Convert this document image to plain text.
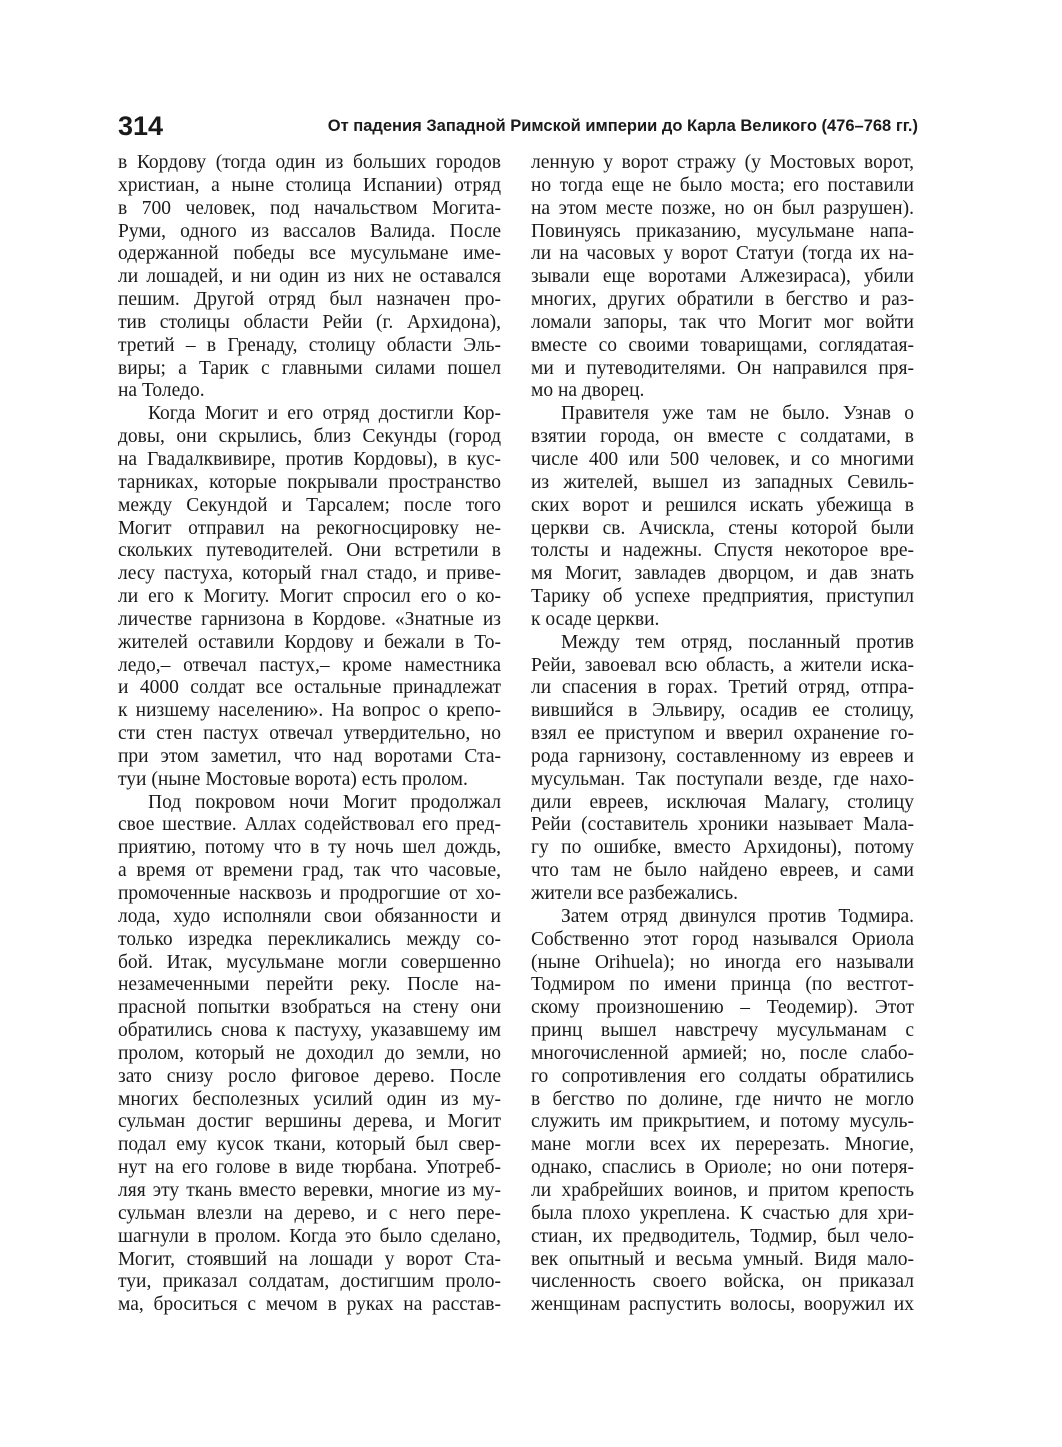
314	От падения Западной Римской империи до Карла Великого (476–768 гг.)
в Кордову (тогда один из больших городов
христиан, а ныне столица Испании) отряд
в 700 человек, под начальством Могита-
Руми, одного из вассалов Валида. После
одержанной победы все мусульмане име-
ли лошадей, и ни один из них не оставался
пешим. Другой отряд был назначен про-
тив столицы области Рейи (г. Архидона),
третий – в Гренаду, столицу области Эль-
виры; а Тарик с главными силами пошел
на Толедо.
Когда Могит и его отряд достигли Кор-
довы, они скрылись, близ Секунды (город
на Гвадалквивире, против Кордовы), в кус-
тарниках, которые покрывали пространство
между Секундой и Тарсалем; после того
Могит отправил на рекогносцировку не-
скольких путеводителей. Они встретили в
лесу пастуха, который гнал стадо, и приве-
ли его к Могиту. Могит спросил его о ко-
личестве гарнизона в Кордове. «Знатные из
жителей оставили Кордову и бежали в То-
ледо,– отвечал пастух,– кроме наместника
и 4000 солдат все остальные принадлежат
к низшему населению». На вопрос о крепо-
сти стен пастух отвечал утвердительно, но
при этом заметил, что над воротами Ста-
туи (ныне Мостовые ворота) есть пролом.
Под покровом ночи Могит продолжал
свое шествие. Аллах содействовал его пред-
приятию, потому что в ту ночь шел дождь,
а время от времени град, так что часовые,
промоченные насквозь и продрогшие от хо-
лода, худо исполняли свои обязанности и
только изредка перекликались между со-
бой. Итак, мусульмане могли совершенно
незамеченными перейти реку. После на-
прасной попытки взобраться на стену они
обратились снова к пастуху, указавшему им
пролом, который не доходил до земли, но
зато снизу росло фиговое дерево. После
многих бесполезных усилий один из му-
сульман достиг вершины дерева, и Могит
подал ему кусок ткани, который был свер-
нут на его голове в виде тюрбана. Употреб-
ляя эту ткань вместо веревки, многие из му-
сульман влезли на дерево, и с него пере-
шагнули в пролом. Когда это было сделано,
Могит, стоявший на лошади у ворот Ста-
туи, приказал солдатам, достигшим проло-
ма, броситься с мечом в руках на расстав-
ленную у ворот стражу (у Мостовых ворот,
но тогда еще не было моста; его поставили
на этом месте позже, но он был разрушен).
Повинуясь приказанию, мусульмане напа-
ли на часовых у ворот Статуи (тогда их на-
зывали еще воротами Алжезираса), убили
многих, других обратили в бегство и раз-
ломали запоры, так что Могит мог войти
вместе со своими товарищами, соглядатая-
ми и путеводителями. Он направился пря-
мо на дворец.
Правителя уже там не было. Узнав о
взятии города, он вместе с солдатами, в
числе 400 или 500 человек, и со многими
из жителей, вышел из западных Севиль-
ских ворот и решился искать убежища в
церкви св. Ачискла, стены которой были
толсты и надежны. Спустя некоторое вре-
мя Могит, завладев дворцом, и дав знать
Тарику об успехе предприятия, приступил
к осаде церкви.
Между тем отряд, посланный против
Рейи, завоевал всю область, а жители иска-
ли спасения в горах. Третий отряд, отпра-
вившийся в Эльвиру, осадив ее столицу,
взял ее приступом и вверил охранение го-
рода гарнизону, составленному из евреев и
мусульман. Так поступали везде, где нахо-
дили евреев, исключая Малагу, столицу
Рейи (составитель хроники называет Мала-
гу по ошибке, вместо Архидоны), потому
что там не было найдено евреев, и сами
жители все разбежались.
Затем отряд двинулся против Тодмира.
Собственно этот город назывался Ориола
(ныне Orihuela); но иногда его называли
Тодмиром по имени принца (по вестгот-
скому произношению – Теодемир). Этот
принц вышел навстречу мусульманам с
многочисленной армией; но, после слабо-
го сопротивления его солдаты обратились
в бегство по долине, где ничто не могло
служить им прикрытием, и потому мусуль-
мане могли всех их перерезать. Многие,
однако, спаслись в Ориоле; но они потеря-
ли храбрейших воинов, и притом крепость
была плохо укреплена. К счастью для хри-
стиан, их предводитель, Тодмир, был чело-
век опытный и весьма умный. Видя мало-
численность своего войска, он приказал
женщинам распустить волосы, вооружил их
